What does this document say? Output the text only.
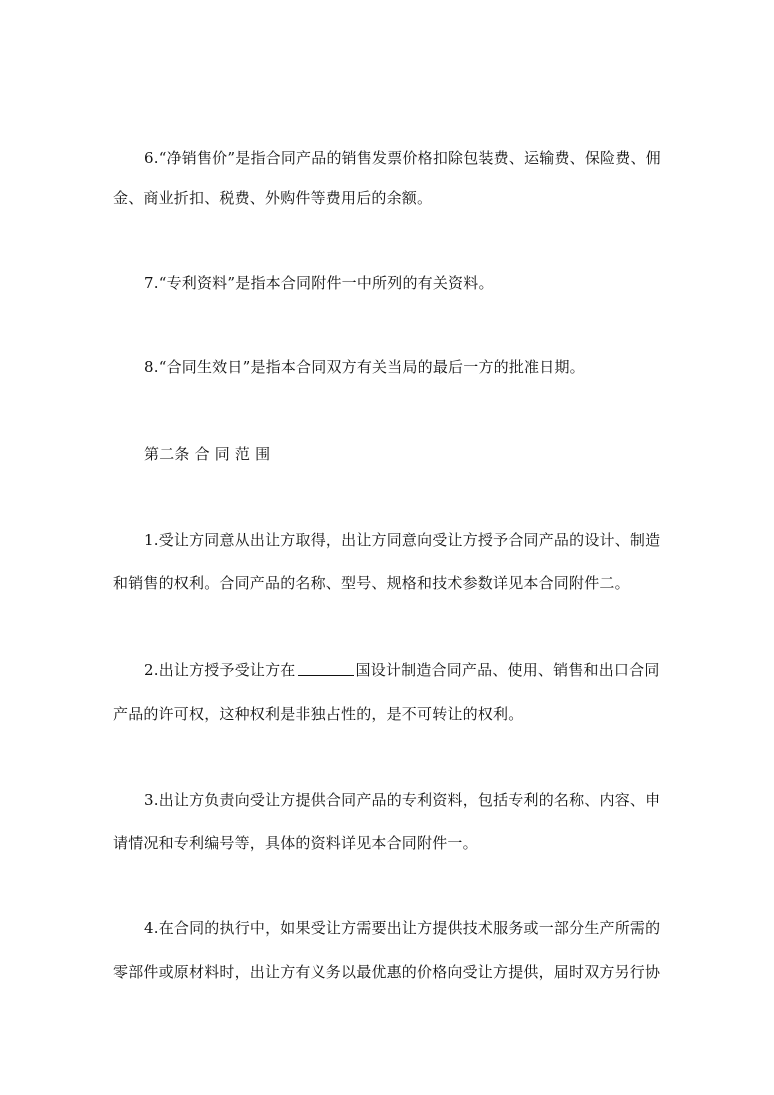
6.“净销售价”是指合同产品的销售发票价格扣除包装费、运输费、保险费、佣
金、商业折扣、税费、外购件等费用后的余额。
7.“专利资料”是指本合同附件一中所列的有关资料。
8.“合同生效日”是指本合同双方有关当局的最后一方的批准日期。
第二条 合 同 范 围
1.受让方同意从出让方取得，出让方同意向受让方授予合同产品的设计、制造
和销售的权利。合同产品的名称、型号、规格和技术参数详见本合同附件二。
2.出让方授予受让方在	国设计制造合同产品、使用、销售和出口合同
产品的许可权，这种权利是非独占性的，是不可转让的权利。
3.出让方负责向受让方提供合同产品的专利资料，包括专利的名称、内容、申
请情况和专利编号等，具体的资料详见本合同附件一。
4.在合同的执行中，如果受让方需要出让方提供技术服务或一部分生产所需的
零部件或原材料时，出让方有义务以最优惠的价格向受让方提供，届时双方另行协
